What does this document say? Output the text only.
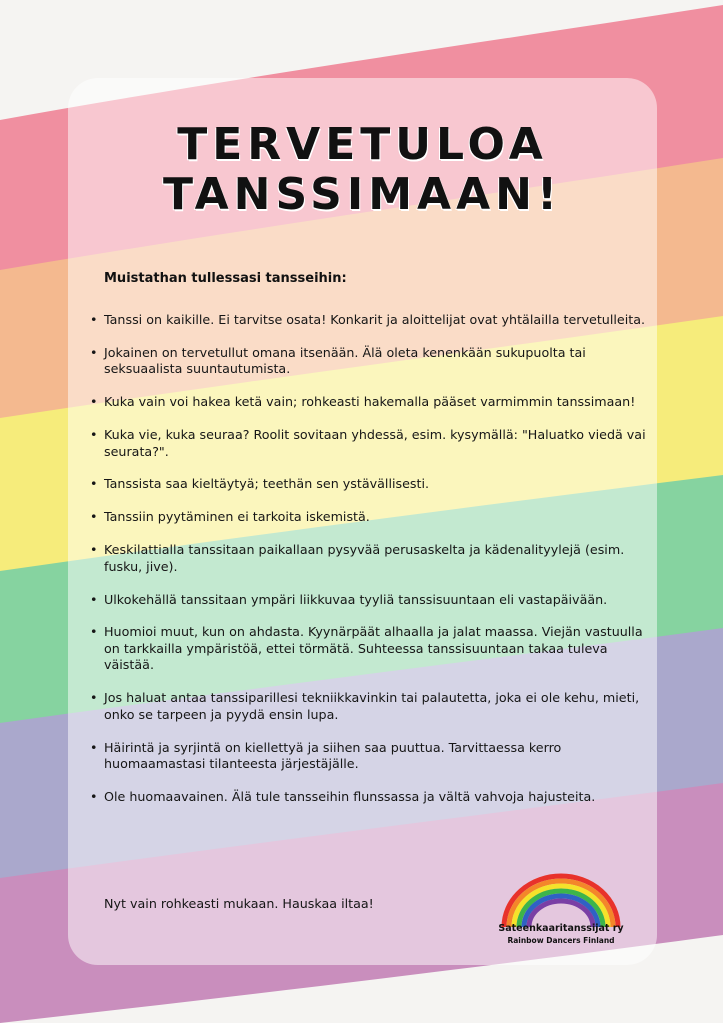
TERVETULOA
TANSSIMAAN!

Muistathan tullessasi tansseihin:

• Tanssi on kaikille. Ei tarvitse osata! Konkarit ja aloittelijat ovat yhtälailla tervetulleita.
• Jokainen on tervetullut omana itsenään. Älä oleta kenenkään sukupuolta tai seksuaalista suuntautumista.
• Kuka vain voi hakea ketä vain; rohkeasti hakemalla pääset varmimmin tanssimaan!
• Kuka vie, kuka seuraa? Roolit sovitaan yhdessä, esim. kysymällä: "Haluatko viedä vai seurata?".
• Tanssista saa kieltäytyä; teethän sen ystävällisesti.
• Tanssiin pyytäminen ei tarkoita iskemistä.
• Keskilattialla tanssitaan paikallaan pysyvää perusaskelta ja kädenalityylejä (esim. fusku, jive).
• Ulkokehällä tanssitaan ympäri liikkuvaa tyyliä tanssisuuntaan eli vastapäivään.
• Huomioi muut, kun on ahdasta. Kyynärpäät alhaalla ja jalat maassa. Viejän vastuulla on tarkkailla ympäristöä, ettei törmätä. Suhteessa tanssisuuntaan takaa tuleva väistää.
• Jos haluat antaa tanssiparillesi tekniikkavinkin tai palautetta, joka ei ole kehu, mieti, onko se tarpeen ja pyydä ensin lupa.
• Häirintä ja syrjintä on kiellettyä ja siihen saa puuttua. Tarvittaessa kerro huomaamastasi tilanteesta järjestäjälle.
• Ole huomaavainen. Älä tule tansseihin flunssassa ja vältä vahvoja hajusteita.

Nyt vain rohkeasti mukaan. Hauskaa iltaa!

Sateenkaaritanssijat ry

Rainbow Dancers Finland
